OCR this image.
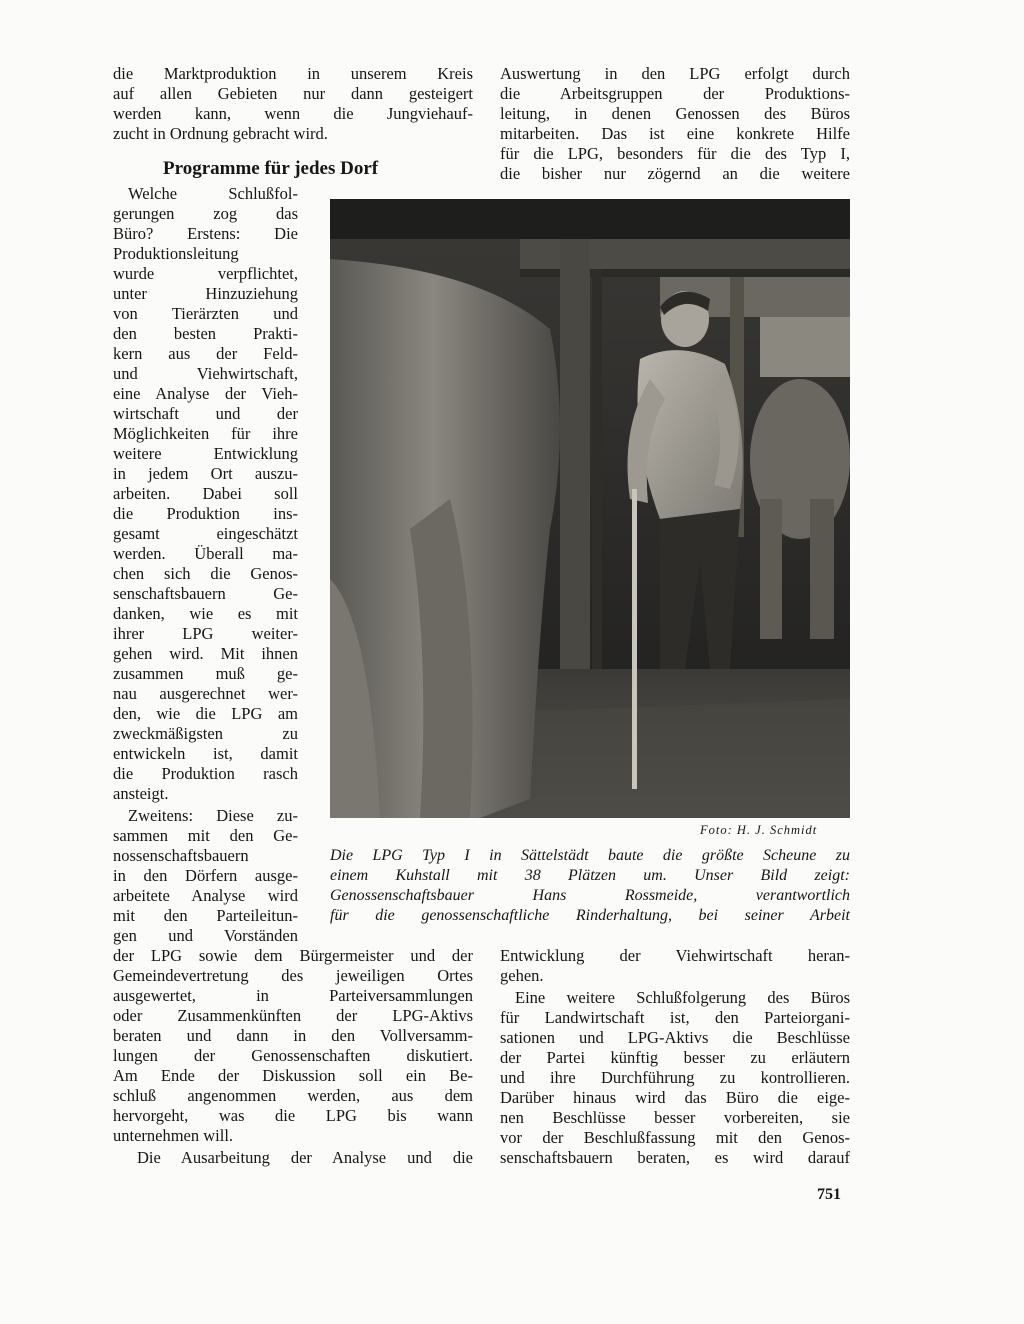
die Marktproduktion in unserem Kreis
auf allen Gebieten nur dann gesteigert
werden kann, wenn die Jungviehauf-
zucht in Ordnung gebracht wird.
Programme für jedes Dorf
Welche Schlußfol-
gerungen zog das
Büro? Erstens: Die
Produktionsleitung
wurde verpflichtet,
unter Hinzuziehung
von Tierärzten und
den besten Prakti-
kern aus der Feld-
und Viehwirtschaft,
eine Analyse der Vieh-
wirtschaft und der
Möglichkeiten für ihre
weitere Entwicklung
in jedem Ort auszu-
arbeiten. Dabei soll
die Produktion ins-
gesamt eingeschätzt
werden. Überall ma-
chen sich die Genos-
senschaftsbauern Ge-
danken, wie es mit
ihrer LPG weiter-
gehen wird. Mit ihnen
zusammen muß ge-
nau ausgerechnet wer-
den, wie die LPG am
zweckmäßigsten zu
entwickeln ist, damit
die Produktion rasch
ansteigt.
Zweitens: Diese zu-
sammen mit den Ge-
nossenschaftsbauern
in den Dörfern ausge-
arbeitete Analyse wird
mit den Parteileitun-
gen und Vorständen
der LPG sowie dem Bürgermeister und der
Gemeindevertretung des jeweiligen Ortes
ausgewertet, in Parteiversammlungen
oder Zusammenkünften der LPG-Aktivs
beraten und dann in den Vollversamm-
lungen der Genossenschaften diskutiert.
Am Ende der Diskussion soll ein Be-
schluß angenommen werden, aus dem
hervorgeht, was die LPG bis wann
unternehmen will.
Die Ausarbeitung der Analyse und die
Auswertung in den LPG erfolgt durch
die Arbeitsgruppen der Produktions-
leitung, in denen Genossen des Büros
mitarbeiten. Das ist eine konkrete Hilfe
für die LPG, besonders für die des Typ I,
die bisher nur zögernd an die weitere
Foto: H. J. Schmidt
Die LPG Typ I in Sättelstädt baute die größte Scheune zu
einem Kuhstall mit 38 Plätzen um. Unser Bild zeigt:
Genossenschaftsbauer Hans Rossmeide, verantwortlich
für die genossenschaftliche Rinderhaltung, bei seiner Arbeit
Entwicklung der Viehwirtschaft heran-
gehen.
Eine weitere Schlußfolgerung des Büros
für Landwirtschaft ist, den Parteiorgani-
sationen und LPG-Aktivs die Beschlüsse
der Partei künftig besser zu erläutern
und ihre Durchführung zu kontrollieren.
Darüber hinaus wird das Büro die eige-
nen Beschlüsse besser vorbereiten, sie
vor der Beschlußfassung mit den Genos-
senschaftsbauern beraten, es wird darauf
751
